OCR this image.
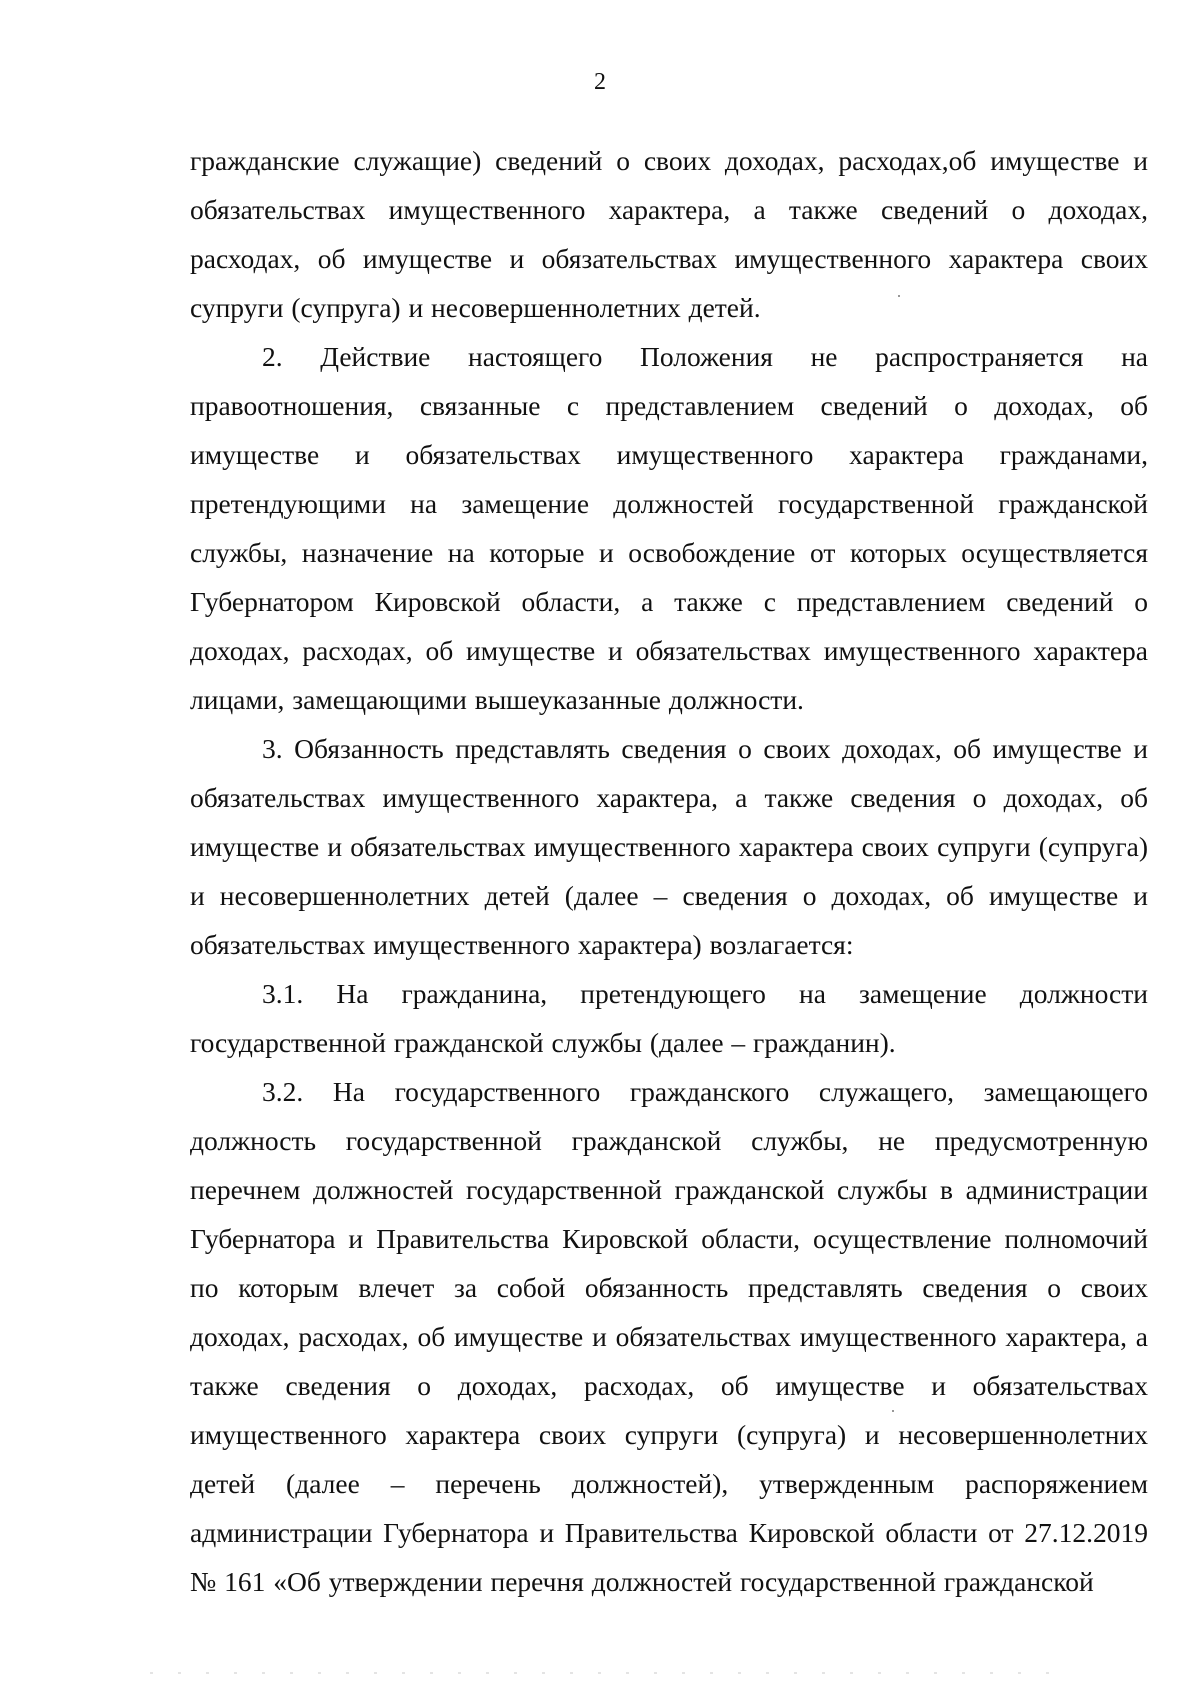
2

гражданские служащие) сведений о своих доходах, расходах,об имуществе и обязательствах имущественного характера, а также сведений о доходах, расходах, об имуществе и обязательствах имущественного характера своих супруги (супруга) и несовершеннолетних детей.

2. Действие настоящего Положения не распространяется на правоотношения, связанные с представлением сведений о доходах, об имуществе и обязательствах имущественного характера гражданами, претендующими на замещение должностей государственной гражданской службы, назначение на которые и освобождение от которых осуществляется Губернатором Кировской области, а также с представлением сведений о доходах, расходах, об имуществе и обязательствах имущественного характера лицами, замещающими вышеуказанные должности.

3. Обязанность представлять сведения о своих доходах, об имуществе и обязательствах имущественного характера, а также сведения о доходах, об имуществе и обязательствах имущественного характера своих супруги (супруга) и несовершеннолетних детей (далее – сведения о доходах, об имуществе и обязательствах имущественного характера) возлагается:

3.1. На гражданина, претендующего на замещение должности государственной гражданской службы (далее – гражданин).

3.2. На государственного гражданского служащего, замещающего должность государственной гражданской службы, не предусмотренную перечнем должностей государственной гражданской службы в администрации Губернатора и Правительства Кировской области, осуществление полномочий по которым влечет за собой обязанность представлять сведения о своих доходах, расходах, об имуществе и обязательствах имущественного характера, а также сведения о доходах, расходах, об имуществе и обязательствах имущественного характера своих супруги (супруга) и несовершеннолетних детей (далее – перечень должностей), утвержденным распоряжением администрации Губернатора и Правительства Кировской области от 27.12.2019 № 161 «Об утверждении перечня должностей государственной гражданской
